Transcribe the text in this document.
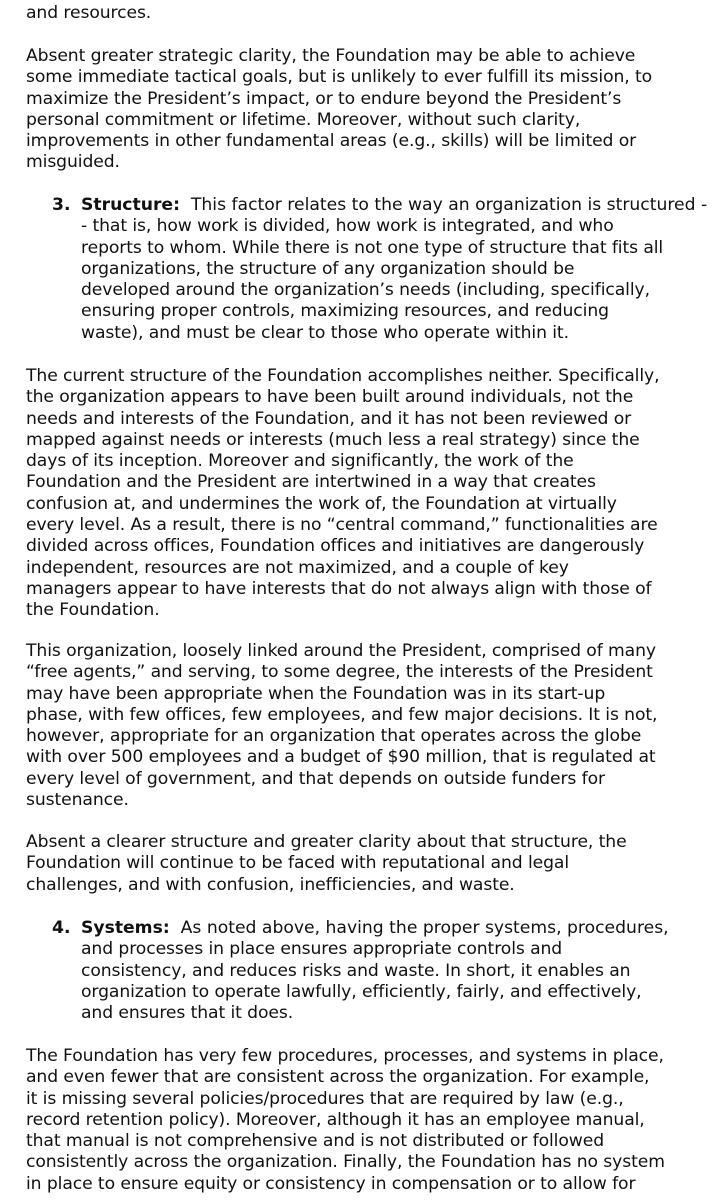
and resources.
Absent greater strategic clarity, the Foundation may be able to achieve
some immediate tactical goals, but is unlikely to ever fulfill its mission, to
maximize the President’s impact, or to endure beyond the President’s
personal commitment or lifetime. Moreover, without such clarity,
improvements in other fundamental areas (e.g., skills) will be limited or
misguided.
3. Structure: This factor relates to the way an organization is structured -
- that is, how work is divided, how work is integrated, and who
reports to whom. While there is not one type of structure that fits all
organizations, the structure of any organization should be
developed around the organization’s needs (including, specifically,
ensuring proper controls, maximizing resources, and reducing
waste), and must be clear to those who operate within it.
The current structure of the Foundation accomplishes neither. Specifically,
the organization appears to have been built around individuals, not the
needs and interests of the Foundation, and it has not been reviewed or
mapped against needs or interests (much less a real strategy) since the
days of its inception. Moreover and significantly, the work of the
Foundation and the President are intertwined in a way that creates
confusion at, and undermines the work of, the Foundation at virtually
every level. As a result, there is no “central command,” functionalities are
divided across offices, Foundation offices and initiatives are dangerously
independent, resources are not maximized, and a couple of key
managers appear to have interests that do not always align with those of
the Foundation.
This organization, loosely linked around the President, comprised of many
“free agents,” and serving, to some degree, the interests of the President
may have been appropriate when the Foundation was in its start-up
phase, with few offices, few employees, and few major decisions. It is not,
however, appropriate for an organization that operates across the globe
with over 500 employees and a budget of $90 million, that is regulated at
every level of government, and that depends on outside funders for
sustenance.
Absent a clearer structure and greater clarity about that structure, the
Foundation will continue to be faced with reputational and legal
challenges, and with confusion, inefficiencies, and waste.
4. Systems: As noted above, having the proper systems, procedures,
and processes in place ensures appropriate controls and
consistency, and reduces risks and waste. In short, it enables an
organization to operate lawfully, efficiently, fairly, and effectively,
and ensures that it does.
The Foundation has very few procedures, processes, and systems in place,
and even fewer that are consistent across the organization. For example,
it is missing several policies/procedures that are required by law (e.g.,
record retention policy). Moreover, although it has an employee manual,
that manual is not comprehensive and is not distributed or followed
consistently across the organization. Finally, the Foundation has no system
in place to ensure equity or consistency in compensation or to allow for
